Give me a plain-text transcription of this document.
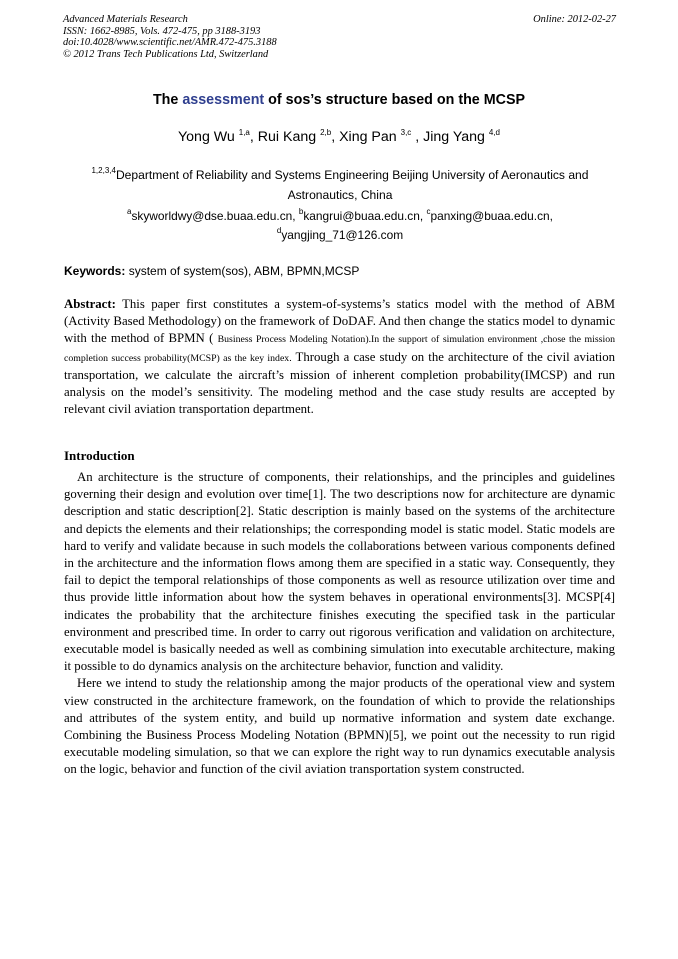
Advanced Materials Research
ISSN: 1662-8985, Vols. 472-475, pp 3188-3193
doi:10.4028/www.scientific.net/AMR.472-475.3188
© 2012 Trans Tech Publications Ltd, Switzerland
Online: 2012-02-27
The assessment of sos’s structure based on the MCSP
Yong Wu $^{1,a}$, Rui Kang $^{2,b}$, Xing Pan $^{3,c}$ , Jing Yang $^{4,d}$
$^{1,2,3,4}$Department of Reliability and Systems Engineering Beijing University of Aeronautics and Astronautics, China
$^a$skyworldwy@dse.buaa.edu.cn, $^b$kangrui@buaa.edu.cn, $^c$panxing@buaa.edu.cn,
$^d$yangjing_71@126.com
Keywords: system of system(sos), ABM, BPMN,MCSP
Abstract: This paper first constitutes a system-of-systems’s statics model with the method of ABM (Activity Based Methodology) on the framework of DoDAF. And then change the statics model to dynamic with the method of BPMN ( Business Process Modeling Notation).In the support of simulation environment ,chose the mission completion success probability(MCSP) as the key index. Through a case study on the architecture of the civil aviation transportation, we calculate the aircraft’s mission of inherent completion probability(IMCSP) and run analysis on the model’s sensitivity. The modeling method and the case study results are accepted by relevant civil aviation transportation department.
Introduction

An architecture is the structure of components, their relationships, and the principles and guidelines governing their design and evolution over time[1]. The two descriptions now for architecture are dynamic description and static description[2]. Static description is mainly based on the systems of the architecture and depicts the elements and their relationships; the corresponding model is static model. Static models are hard to verify and validate because in such models the collaborations between various components defined in the architecture and the information flows among them are specified in a static way. Consequently, they fail to depict the temporal relationships of those components as well as resource utilization over time and thus provide little information about how the system behaves in operational environments[3]. MCSP[4] indicates the probability that the architecture finishes executing the specified task in the particular environment and prescribed time. In order to carry out rigorous verification and validation on architecture, executable model is basically needed as well as combining simulation into executable architecture, making it possible to do dynamics analysis on the architecture behavior, function and validity.

Here we intend to study the relationship among the major products of the operational view and system view constructed in the architecture framework, on the foundation of which to provide the relationships and attributes of the system entity, and build up normative information and system date exchange. Combining the Business Process Modeling Notation (BPMN)[5], we point out the necessity to run rigid executable modeling simulation, so that we can explore the right way to run dynamics executable analysis on the logic, behavior and function of the civil aviation transportation system constructed.
